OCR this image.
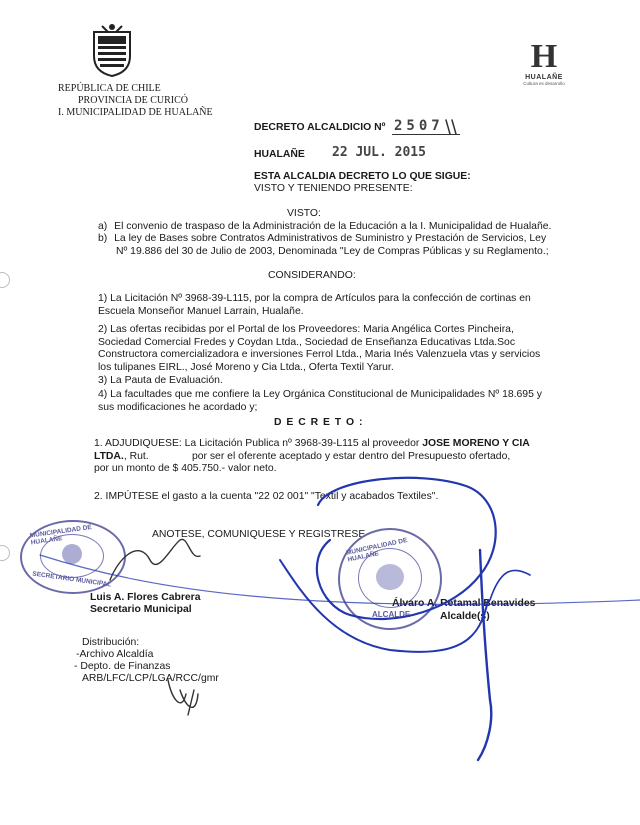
REPÚBLICA DE CHILE
PROVINCIA DE CURICÓ
I. MUNICIPALIDAD DE HUALAÑE
H
HUALAÑE
Cultura es desarrollo
DECRETO ALCALDICIO Nº 2507
HUALAÑE 22 JUL. 2015
ESTA ALCALDIA DECRETO LO QUE SIGUE:
VISTO Y TENIENDO PRESENTE:
VISTO:
a) El convenio de traspaso de la Administración de la Educación a la I. Municipalidad de Hualañe.
b) La ley de Bases sobre Contratos Administrativos de Suministro y Prestación de Servicios, Ley
Nº 19.886 del 30 de Julio de 2003, Denominada "Ley de Compras Públicas y su Reglamento.;
CONSIDERANDO:
1) La Licitación Nº 3968-39-L115, por la compra de Artículos para la confección de cortinas en
Escuela Monseñor Manuel Larrain, Hualañe.
2) Las ofertas recibidas por el Portal de los Proveedores: Maria Angélica Cortes Pincheira,
Sociedad Comercial Fredes y Coydan Ltda., Sociedad de Enseñanza Educativas Ltda.Soc
Constructora comercializadora e inversiones Ferrol Ltda., Maria Inés Valenzuela vtas y servicios
los tulipanes EIRL., José Moreno y Cia Ltda., Oferta Textil Yarur.
3) La Pauta de Evaluación.
4) La facultades que me confiere la Ley Orgánica Constitucional de Municipalidades Nº 18.695 y
sus modificaciones he acordado y;
D E C R E T O :
1. ADJUDIQUESE: La Licitación Publica nº 3968-39-L115 al proveedor JOSE MORENO Y CIA
LTDA., Rut.               por ser el oferente aceptado y estar dentro del Presupuesto ofertado,
por un monto de $ 405.750.- valor neto.
2. IMPÚTESE el gasto a la cuenta "22 02 001" "Textil y acabados Textiles".
ANOTESE, COMUNIQUESE Y REGISTRESE
MUNICIPALIDAD DE HUALAÑE
SECRETARIO MUNICIPAL
MUNICIPALIDAD DE HUALAÑE
ALCALDE
Luis A. Flores Cabrera
Secretario Municipal
Álvaro A. Retamal Benavides
Alcalde(s)
Distribución:
-Archivo Alcaldía
- Depto. de Finanzas
ARB/LFC/LCP/LGA/RCC/gmr
